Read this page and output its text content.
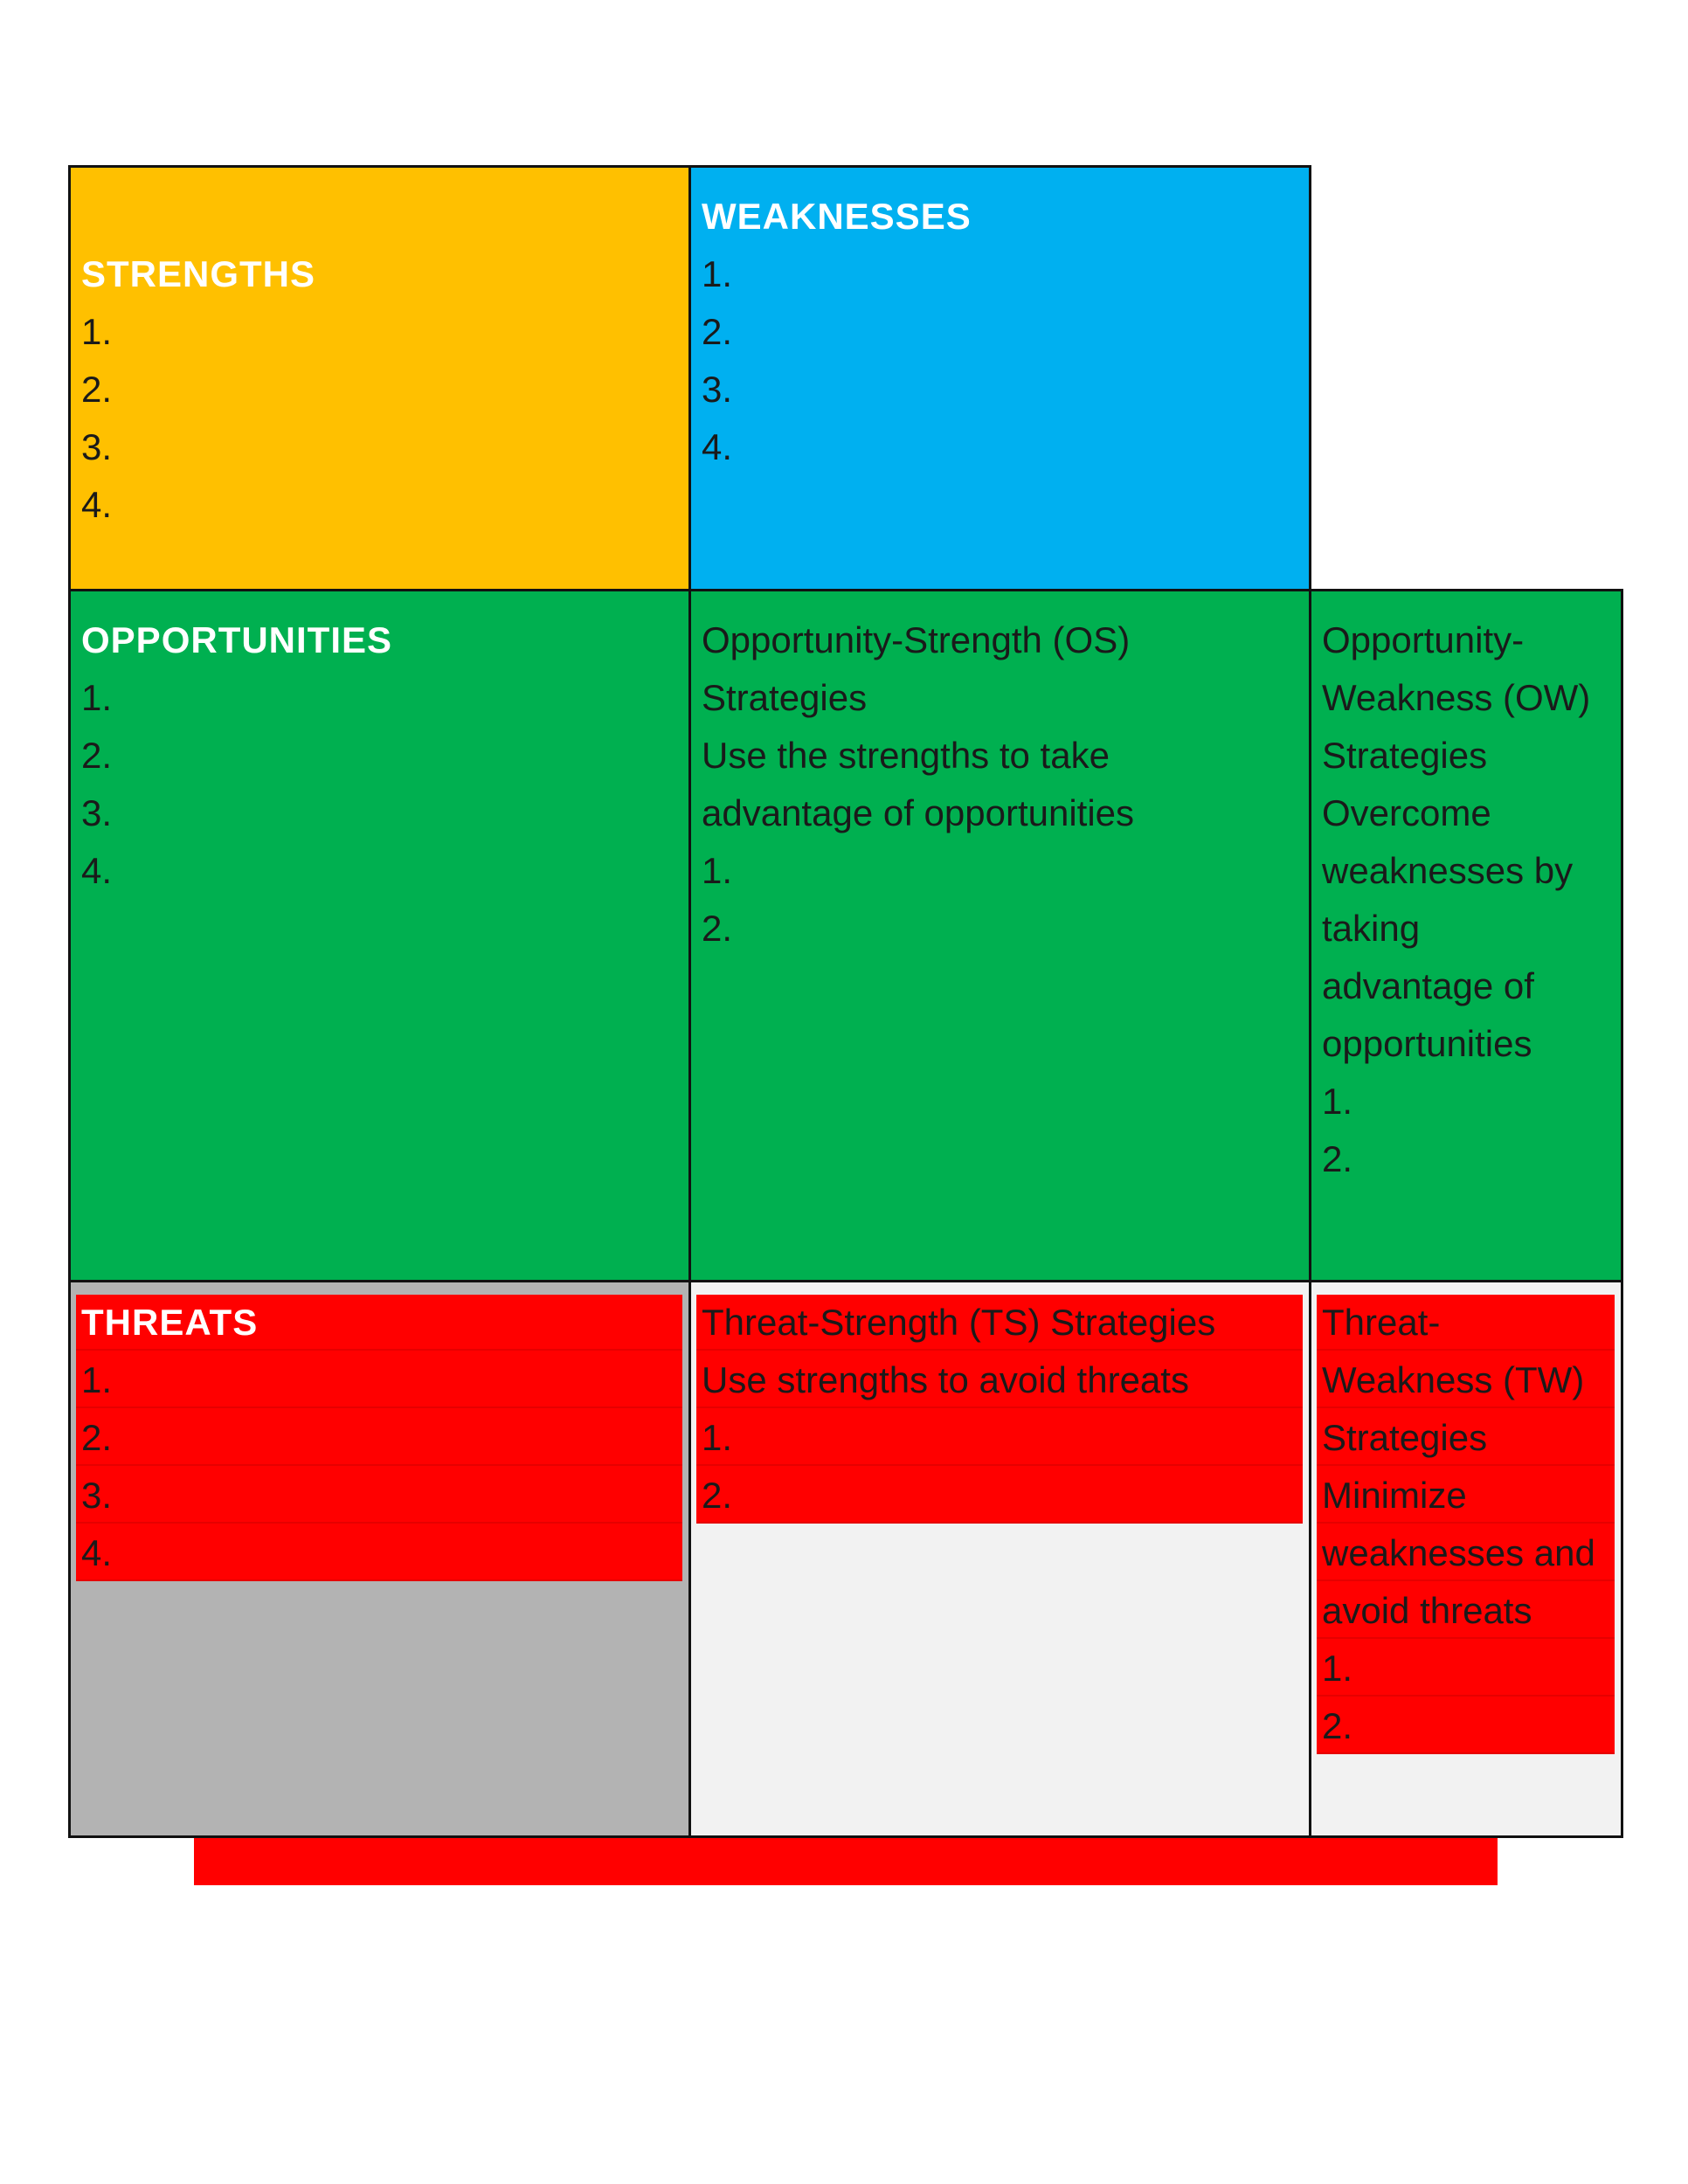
STRENGTHS
1.
2.
3.
4.
WEAKNESSES
1.
2.
3.
4.
OPPORTUNITIES
1.
2.
3.
4.
Opportunity-Strength (OS)
Strategies
Use the strengths to take
advantage of opportunities
1.
2.
Opportunity-
Weakness (OW)
Strategies
Overcome
weaknesses by
taking
advantage of
opportunities
1.
2.
THREATS
1.
2.
3.
4.
Threat-Strength (TS) Strategies
Use strengths to avoid threats
1.
2.
Threat-
Weakness (TW)
Strategies
Minimize
weaknesses and
avoid threats
1.
2.
